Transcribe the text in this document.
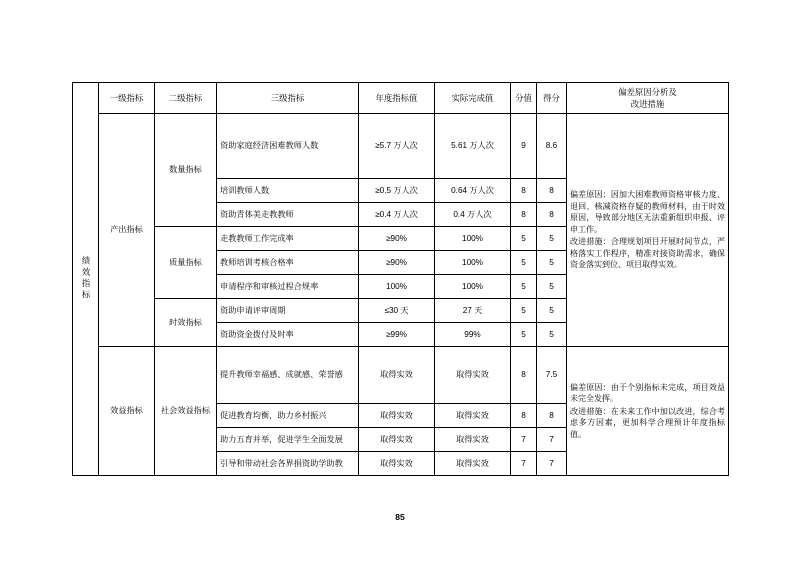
绩效指标	一级指标	二级指标	三级指标	年度指标值	实际完成值	分值	得分	偏差原因分析及
改进措施

	产出指标	数量指标	资助家庭经济困难教师人数	≥5.7 万人次	5.61 万人次	9	8.6	偏差原因：因加大困难教师资格审核力度、退回、核减资格存疑的教师材料，由于时效原因，导致部分地区无法重新组织申报、评申工作。

改进措施：合理规划项目开展时间节点，严格落实工作程序，精准对接资助需求，确保资金落实到位、项目取得实效。

			培训教师人数	≥0.5 万人次	0.64 万人次	8	8	
			资助青体美走教教师	≥0.4 万人次	0.4 万人次	8	8	
		质量指标	走教教师工作完成率	≥90%	100%	5	5	
			教师培训考核合格率	≥90%	100%	5	5	
			申请程序和审核过程合规率	100%	100%	5	5	
		时效指标	资助申请评审周期	≤30 天	27 天	5	5	
			资助资金拨付及时率	≥99%	99%	5	5	
	效益指标	社会效益指标	提升教师幸福感、成就感、荣誉感	取得实效	取得实效	8	7.5	偏差原因：由于个别指标未完成，项目效益未完全发挥。

改进措施：在未来工作中加以改进，综合考虑多方因素，更加科学合理预计年度指标值。

			促进教育均衡，助力乡村振兴	取得实效	取得实效	8	8	
			助力五育并举，促进学生全面发展	取得实效	取得实效	7	7	
			引导和带动社会各界捐资助学助教	取得实效	取得实效	7	7	
85
